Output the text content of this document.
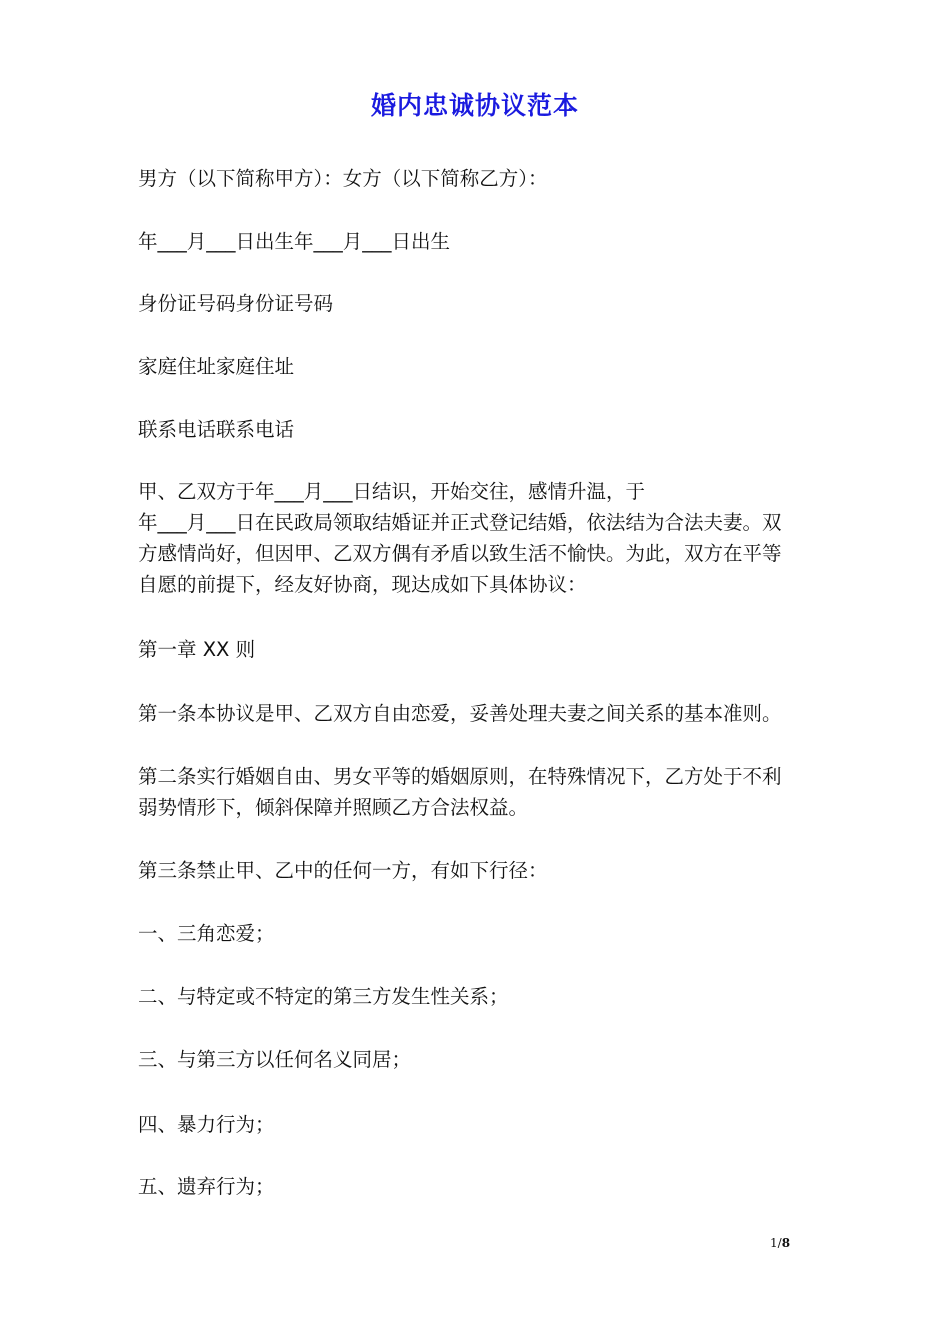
婚内忠诚协议范本
男方（以下简称甲方）：女方（以下简称乙方）：
年___月___日出生年___月___日出生
身份证号码身份证号码
家庭住址家庭住址
联系电话联系电话
甲、乙双方于年___月___日结识，开始交往，感情升温，于
年___月___日在民政局领取结婚证并正式登记结婚，依法结为合法夫妻。双
方感情尚好，但因甲、乙双方偶有矛盾以致生活不愉快。为此，双方在平等
自愿的前提下，经友好协商，现达成如下具体协议：
第一章 XX 则
第一条本协议是甲、乙双方自由恋爱，妥善处理夫妻之间关系的基本准则。
第二条实行婚姻自由、男女平等的婚姻原则，在特殊情况下，乙方处于不利
弱势情形下，倾斜保障并照顾乙方合法权益。
第三条禁止甲、乙中的任何一方，有如下行径：
一、三角恋爱；
二、与特定或不特定的第三方发生性关系；
三、与第三方以任何名义同居；
四、暴力行为；
五、遗弃行为；
1/8
